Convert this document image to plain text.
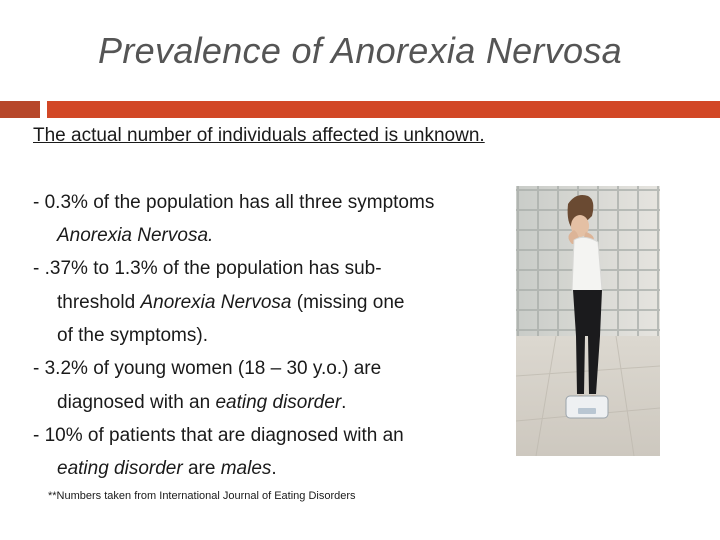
Prevalence of Anorexia Nervosa
The actual number of individuals affected is unknown.
- 0.3% of the population has all three symptoms
Anorexia Nervosa.
- .37% to 1.3% of the population has sub-
threshold Anorexia Nervosa (missing one
of the symptoms).
- 3.2% of young women (18 – 30 y.o.) are
diagnosed with an eating disorder.
- 10% of patients that are diagnosed with an
eating disorder are males.
**Numbers taken from International Journal of Eating Disorders
